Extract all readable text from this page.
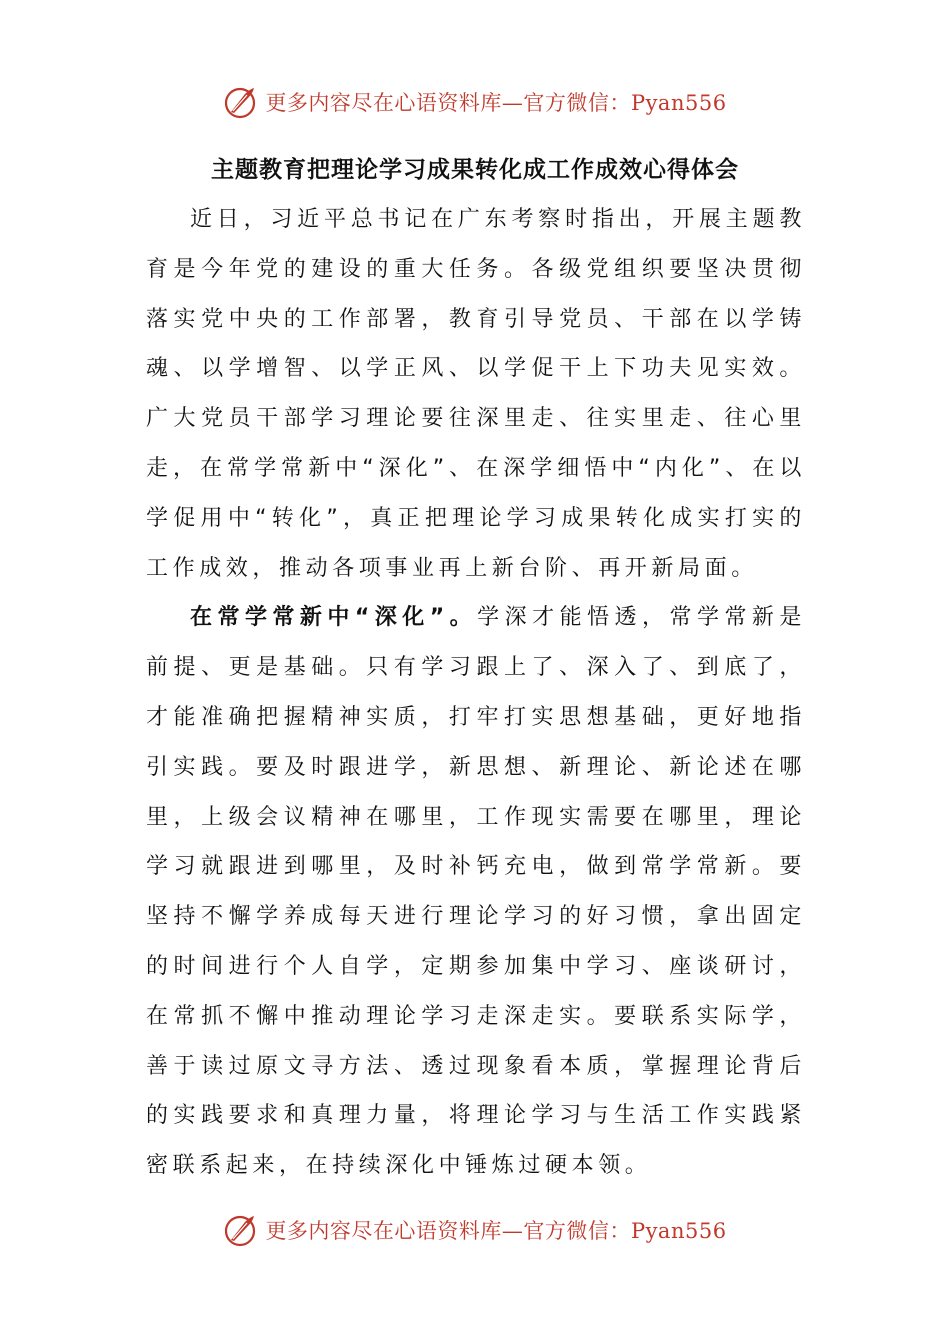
更多内容尽在心语资料库—官方微信：Pyan556
主题教育把理论学习成果转化成工作成效心得体会

近日，习近平总书记在广东考察时指出，开展主题教育是今年党的建设的重大任务。各级党组织要坚决贯彻落实党中央的工作部署，教育引导党员、干部在以学铸魂、以学增智、以学正风、以学促干上下功夫见实效。广大党员干部学习理论要往深里走、往实里走、往心里走，在常学常新中“深化”、在深学细悟中“内化”、在以学促用中“转化”，真正把理论学习成果转化成实打实的工作成效，推动各项事业再上新台阶、再开新局面。

在常学常新中“深化”。学深才能悟透，常学常新是前提、更是基础。只有学习跟上了、深入了、到底了，才能准确把握精神实质，打牢打实思想基础，更好地指引实践。要及时跟进学，新思想、新理论、新论述在哪里，上级会议精神在哪里，工作现实需要在哪里，理论学习就跟进到哪里，及时补钙充电，做到常学常新。要坚持不懈学养成每天进行理论学习的好习惯，拿出固定的时间进行个人自学，定期参加集中学习、座谈研讨，在常抓不懈中推动理论学习走深走实。要联系实际学，善于读过原文寻方法、透过现象看本质，掌握理论背后的实践要求和真理力量，将理论学习与生活工作实践紧密联系起来，在持续深化中锤炼过硬本领。

更多内容尽在心语资料库—官方微信：Pyan556
